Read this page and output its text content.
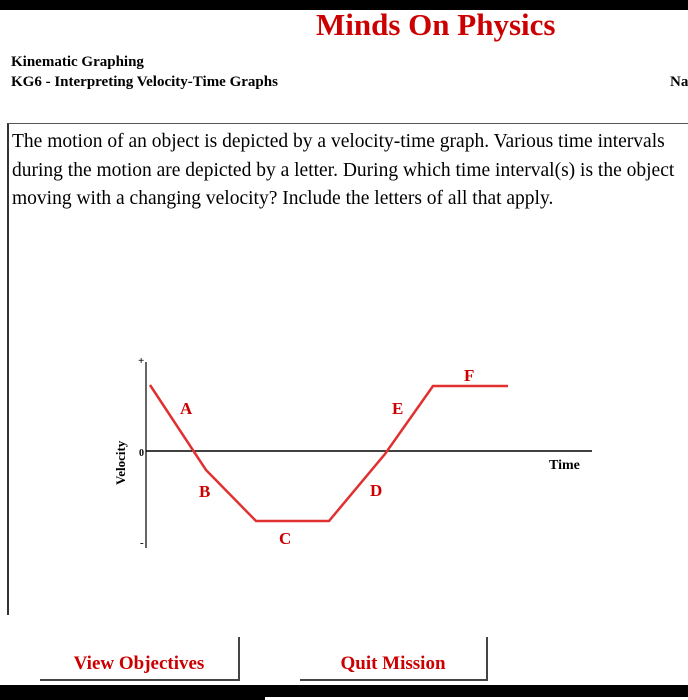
Minds On Physics
Kinematic Graphing
KG6 - Interpreting Velocity-Time Graphs	Na
The motion of an object is depicted by a velocity-time graph. Various time intervals during the motion are depicted by a letter. During which time interval(s) is the object moving with a changing velocity? Include the letters of all that apply.
+
0
-
Velocity	Time
A
B
C
D
E
F
View Objectives	Quit Mission
